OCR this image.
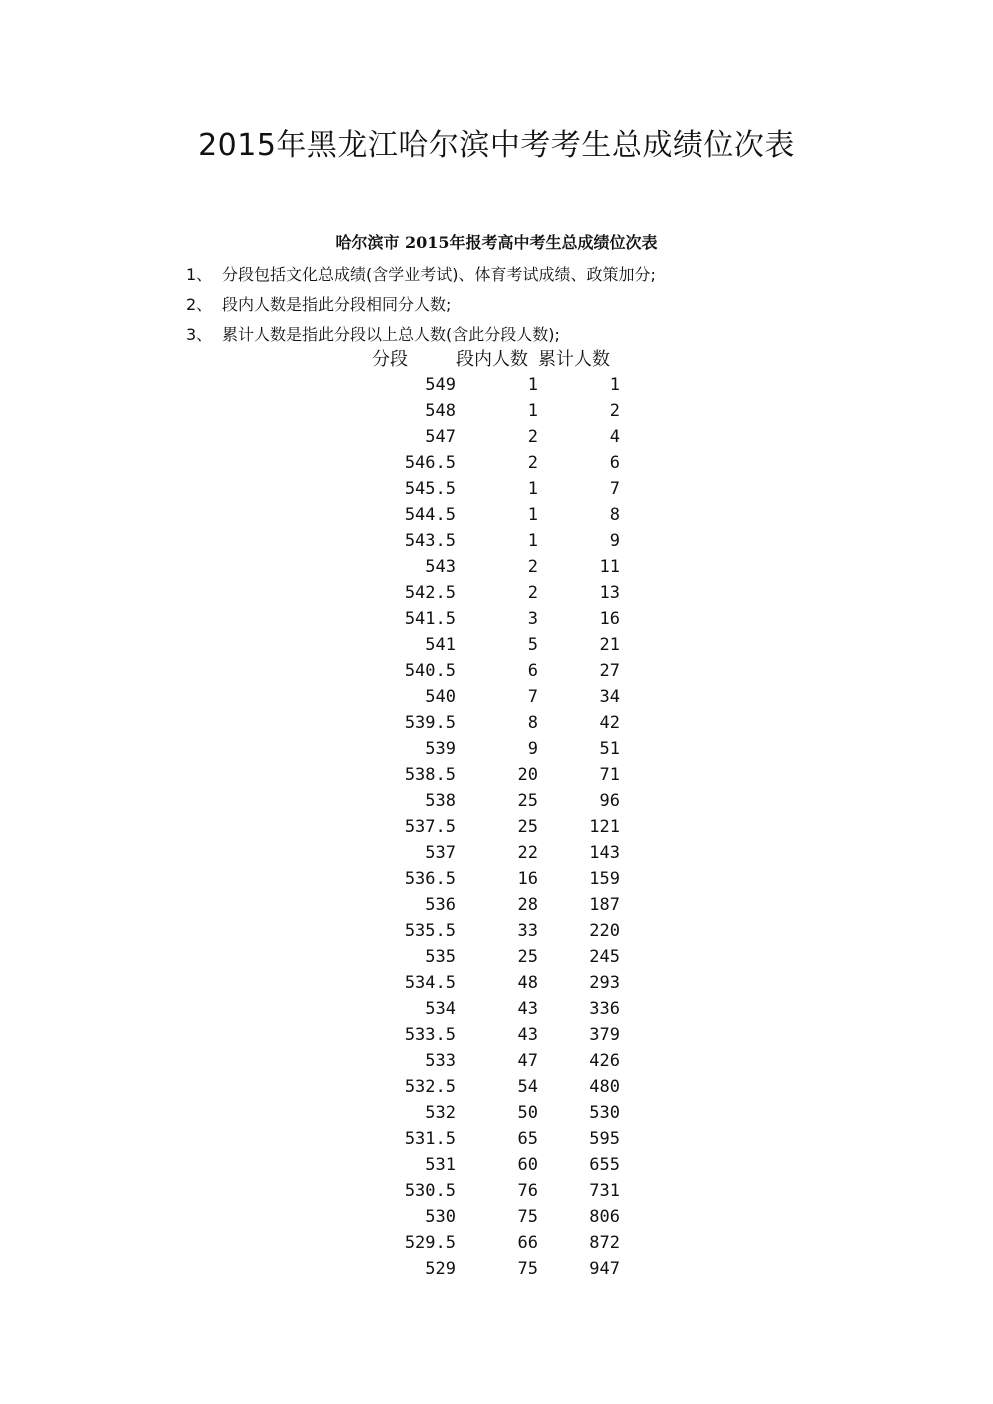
2015年黑龙江哈尔滨中考考生总成绩位次表
哈尔滨市 2015年报考高中考生总成绩位次表
1、 分段包括文化总成绩(含学业考试)、体育考试成绩、政策加分;
2、 段内人数是指此分段相同分人数;
3、 累计人数是指此分段以上总人数(含此分段人数);
分段	段内人数	累计人数
549	1	1
548	1	2
547	2	4
546.5	2	6
545.5	1	7
544.5	1	8
543.5	1	9
543	2	11
542.5	2	13
541.5	3	16
541	5	21
540.5	6	27
540	7	34
539.5	8	42
539	9	51
538.5	20	71
538	25	96
537.5	25	121
537	22	143
536.5	16	159
536	28	187
535.5	33	220
535	25	245
534.5	48	293
534	43	336
533.5	43	379
533	47	426
532.5	54	480
532	50	530
531.5	65	595
531	60	655
530.5	76	731
530	75	806
529.5	66	872
529	75	947
